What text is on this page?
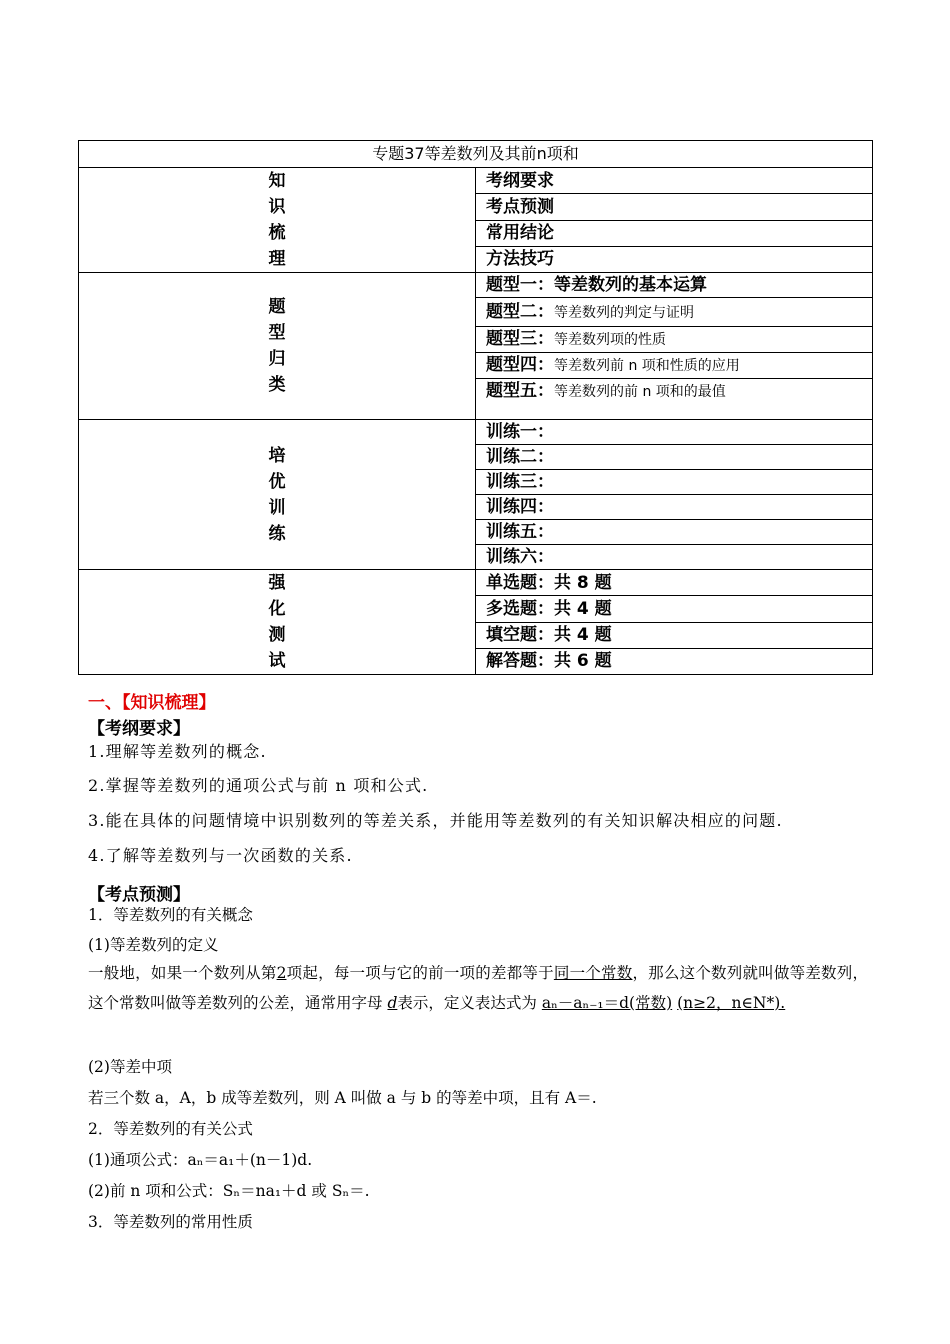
专题37等差数列及其前n项和	

知
识
梳
理	考纲要求
	考点预测
	常用结论
	方法技巧

题
型
归
类	题型一：等差数列的基本运算
	题型二：等差数列的判定与证明
	题型三：等差数列项的性质
	题型四：等差数列前 n 项和性质的应用
	题型五：等差数列的前 n 项和的最值

培
优
训
练	训练一：
	训练二：
	训练三：
	训练四：
	训练五：
	训练六：

强
化
测
试	单选题：共 8 题
	多选题：共 4 题
	填空题：共 4 题
	解答题：共 6 题
一、【知识梳理】
【考纲要求】
1.理解等差数列的概念.
2.掌握等差数列的通项公式与前 n 项和公式.
3.能在具体的问题情境中识别数列的等差关系，并能用等差数列的有关知识解决相应的问题.
4.了解等差数列与一次函数的关系.
【考点预测】
1．等差数列的有关概念
(1)等差数列的定义
一般地，如果一个数列从第2项起，每一项与它的前一项的差都等于同一个常数，那么这个数列就叫做等差数列，这个常数叫做等差数列的公差，通常用字母 d表示，定义表达式为 aₙ－aₙ₋₁＝d(常数) (n≥2，n∈N*).
(2)等差中项
若三个数 a，A，b 成等差数列，则 A 叫做 a 与 b 的等差中项，且有 A＝.
2．等差数列的有关公式
(1)通项公式：aₙ＝a₁＋(n－1)d.
(2)前 n 项和公式：Sₙ＝na₁＋d 或 Sₙ＝.
3．等差数列的常用性质
